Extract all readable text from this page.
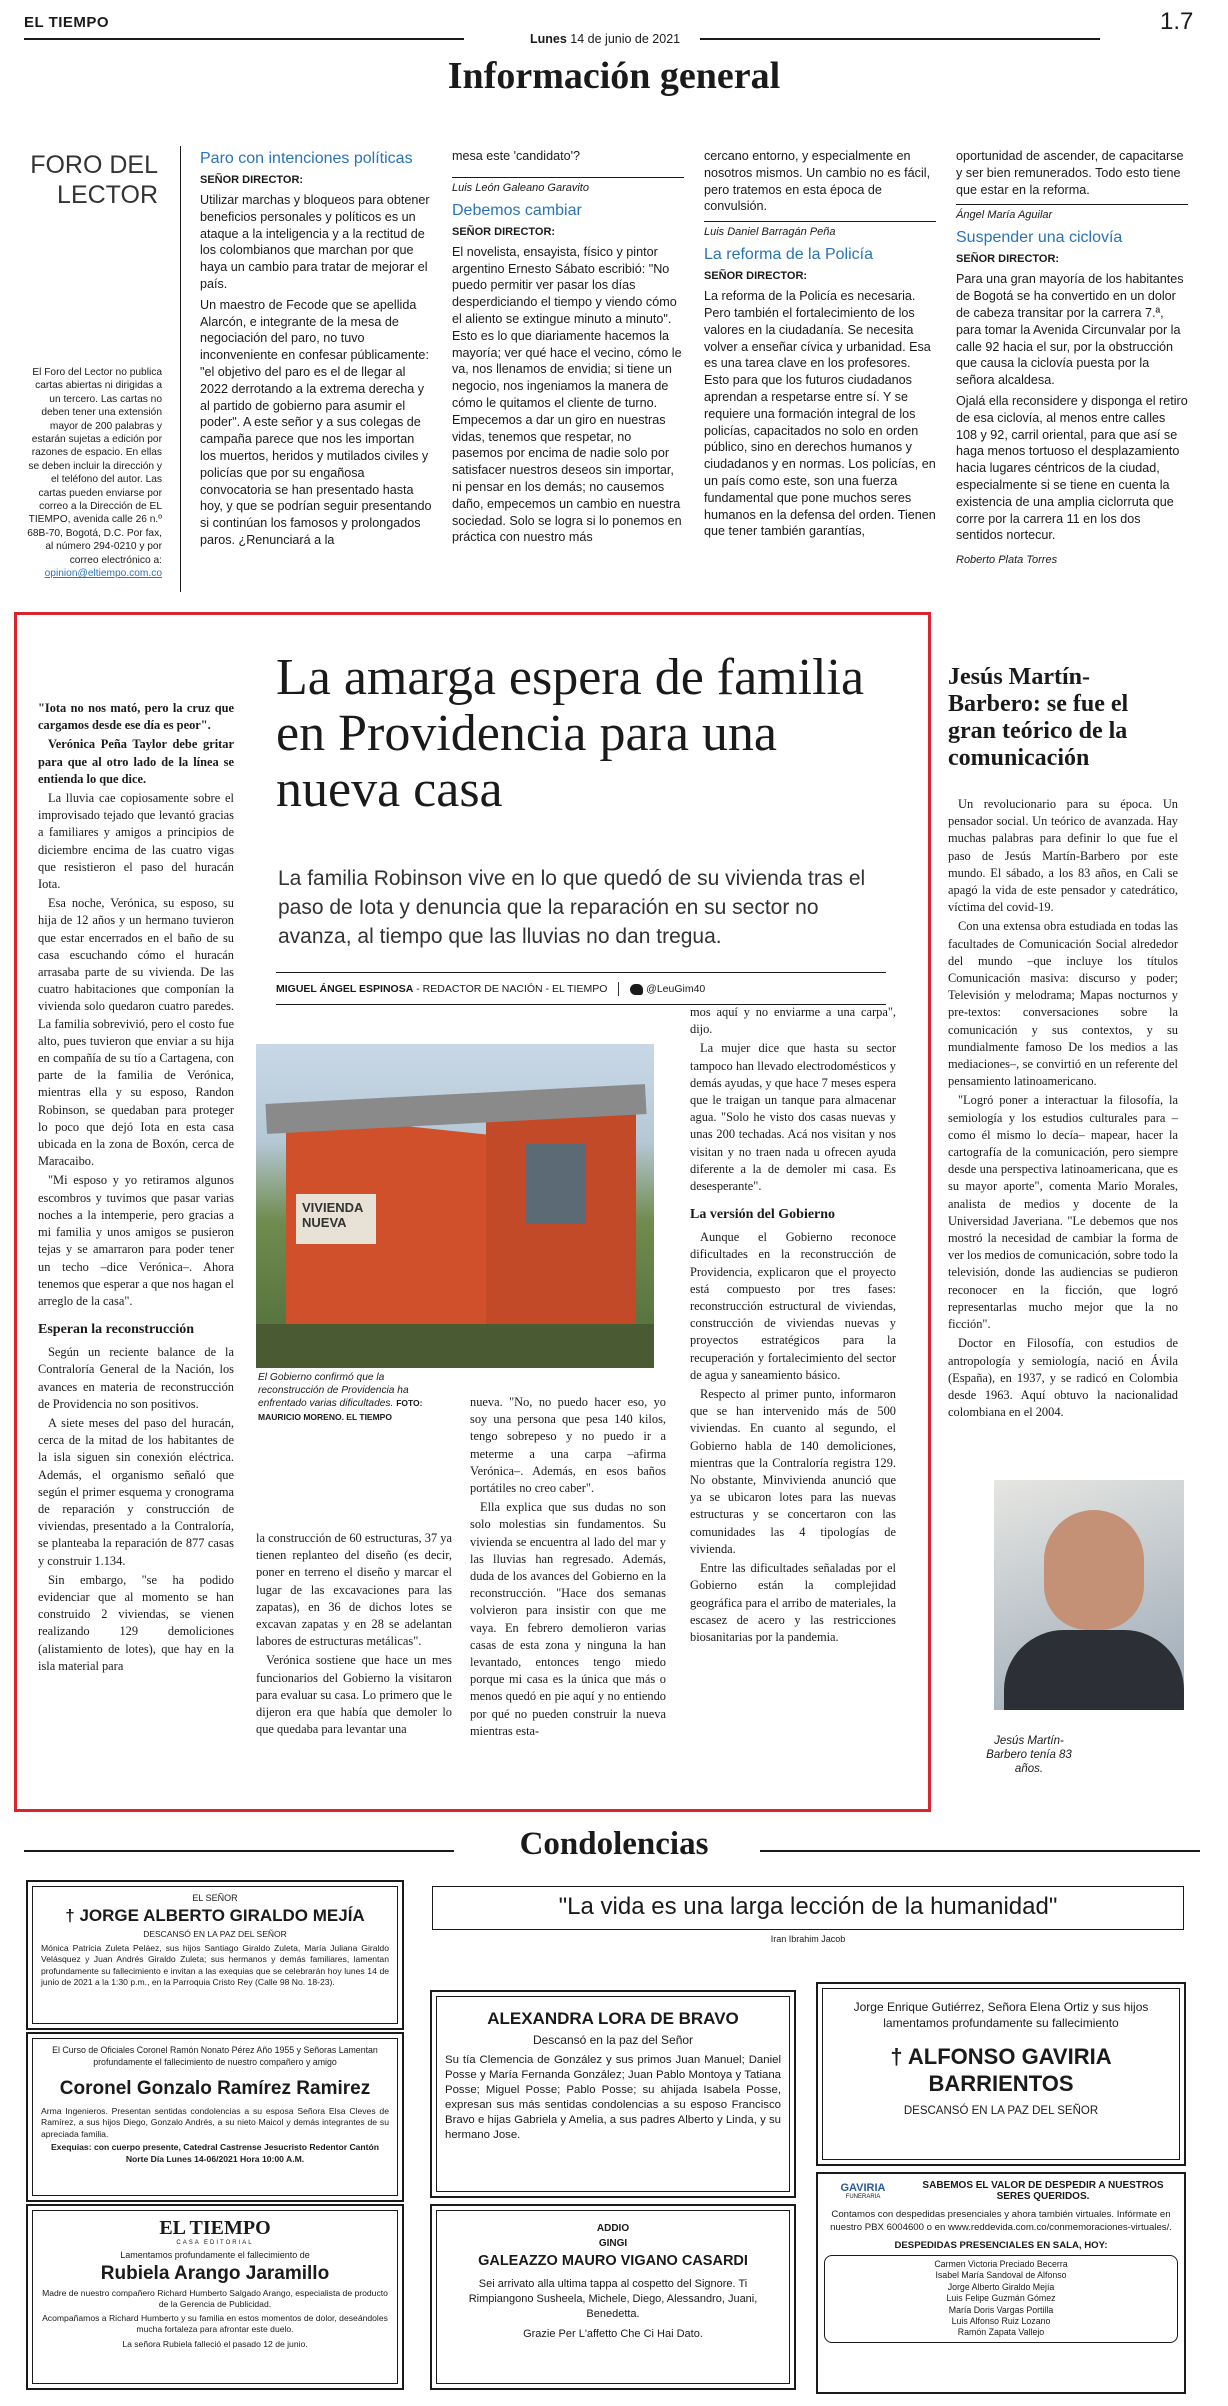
EL TIEMPO
Lunes 14 de junio de 2021
1.7
Información general
FORO DEL
LECTOR
El Foro del Lector no publica cartas abiertas ni dirigidas a un tercero. Las cartas no deben tener una extensión mayor de 200 palabras y estarán sujetas a edición por razones de espacio. En ellas se deben incluir la dirección y el teléfono del autor. Las cartas pueden enviarse por correo a la Dirección de EL TIEMPO, avenida calle 26 n.º 68B-70, Bogotá, D.C. Por fax, al número 294-0210 y por correo electrónico a: opinion@eltiempo.com.co
Paro con intenciones políticas
SEÑOR DIRECTOR:
Utilizar marchas y bloqueos para obtener beneficios personales y políticos es un ataque a la inteligencia y a la rectitud de los colombianos que marchan por que haya un cambio para tratar de mejorar el país.
Un maestro de Fecode que se apellida Alarcón, e integrante de la mesa de negociación del paro, no tuvo inconveniente en confesar públicamente: "el objetivo del paro es el de llegar al 2022 derrotando a la extrema derecha y al partido de gobierno para asumir el poder". A este señor y a sus colegas de campaña parece que nos les importan los muertos, heridos y mutilados civiles y policías que por su engañosa convocatoria se han presentado hasta hoy, y que se podrían seguir presentando si continúan los famosos y prolongados paros. ¿Renunciará a la
mesa este 'candidato'?
Luis León Galeano Garavito
Debemos cambiar
SEÑOR DIRECTOR:
El novelista, ensayista, físico y pintor argentino Ernesto Sábato escribió: "No puedo permitir ver pasar los días desperdiciando el tiempo y viendo cómo el aliento se extingue minuto a minuto". Esto es lo que diariamente hacemos la mayoría; ver qué hace el vecino, cómo le va, nos llenamos de envidia; si tiene un negocio, nos ingeniamos la manera de cómo le quitamos el cliente de turno. Empecemos a dar un giro en nuestras vidas, tenemos que respetar, no pasemos por encima de nadie solo por satisfacer nuestros deseos sin importar, ni pensar en los demás; no causemos daño, empecemos un cambio en nuestra sociedad. Solo se logra si lo ponemos en práctica con nuestro más
cercano entorno, y especialmente en nosotros mismos. Un cambio no es fácil, pero tratemos en esta época de convulsión.
Luis Daniel Barragán Peña
La reforma de la Policía
SEÑOR DIRECTOR:
La reforma de la Policía es necesaria. Pero también el fortalecimiento de los valores en la ciudadanía. Se necesita volver a enseñar cívica y urbanidad. Esa es una tarea clave en los profesores. Esto para que los futuros ciudadanos aprendan a respetarse entre sí. Y se requiere una formación integral de los policías, capacitados no solo en orden público, sino en derechos humanos y ciudadanos y en normas. Los policías, en un país como este, son una fuerza fundamental que pone muchos seres humanos en la defensa del orden. Tienen que tener también garantías,
oportunidad de ascender, de capacitarse y ser bien remunerados. Todo esto tiene que estar en la reforma.
Ángel María Aguilar
Suspender una ciclovía
SEÑOR DIRECTOR:
Para una gran mayoría de los habitantes de Bogotá se ha convertido en un dolor de cabeza transitar por la carrera 7.ª, para tomar la Avenida Circunvalar por la calle 92 hacia el sur, por la obstrucción que causa la ciclovía puesta por la señora alcaldesa.
Ojalá ella reconsidere y disponga el retiro de esa ciclovía, al menos entre calles 108 y 92, carril oriental, para que así se haga menos tortuoso el desplazamiento hacia lugares céntricos de la ciudad, especialmente si se tiene en cuenta la existencia de una amplia ciclorruta que corre por la carrera 11 en los dos sentidos norteсur.
Roberto Plata Torres
La amarga espera de familia en Providencia para una nueva casa
La familia Robinson vive en lo que quedó de su vivienda tras el paso de Iota y denuncia que la reparación en su sector no avanza, al tiempo que las lluvias no dan tregua.
MIGUEL ÁNGEL ESPINOSA - REDACTOR DE NACIÓN - EL TIEMPO	@LeuGim40

"Iota no nos mató, pero la cruz que cargamos desde ese día es peor".

Verónica Peña Taylor debe gritar para que al otro lado de la línea se entienda lo que dice.

La lluvia cae copiosamente sobre el improvisado tejado que levantó gracias a familiares y amigos a principios de diciembre encima de las cuatro vigas que resistieron el paso del huracán Iota.

Esa noche, Verónica, su esposo, su hija de 12 años y un hermano tuvieron que estar encerrados en el baño de su casa escuchando cómo el huracán arrasaba parte de su vivienda. De las cuatro habitaciones que componían la vivienda solo quedaron cuatro paredes. La familia sobrevivió, pero el costo fue alto, pues tuvieron que enviar a su hija en compañía de su tío a Cartagena, con parte de la familia de Verónica, mientras ella y su esposo, Randon Robinson, se quedaban para proteger lo poco que dejó Iota en esta casa ubicada en la zona de Boxón, cerca de Maracaibo.

"Mi esposo y yo retiramos algunos escombros y tuvimos que pasar varias noches a la intemperie, pero gracias a mi familia y unos amigos se pusieron tejas y se amarraron para poder tener un techo –dice Verónica–. Ahora tenemos que esperar a que nos hagan el arreglo de la casa".

Esperan la reconstrucción

Según un reciente balance de la Contraloría General de la Nación, los avances en materia de reconstrucción de Providencia no son positivos.

A siete meses del paso del huracán, cerca de la mitad de los habitantes de la isla siguen sin conexión eléctrica. Además, el organismo señaló que según el primer esquema y cronograma de reparación y construcción de viviendas, presentado a la Contraloría, se planteaba la reparación de 877 casas y construir 1.134.

Sin embargo, "se ha podido evidenciar que al momento se han construido 2 viviendas, se vienen realizando 129 demoliciones (alistamiento de lotes), que hay en la isla material para

VIVIENDA NUEVA
El Gobierno confirmó que la reconstrucción de Providencia ha enfrentado varias dificultades. FOTO: MAURICIO MORENO. EL TIEMPO

la construcción de 60 estructuras, 37 ya tienen replanteo del diseño (es decir, poner en terreno el diseño y marcar el lugar de las excavaciones para las zapatas), en 36 de dichos lotes se excavan zapatas y en 28 se adelantan labores de estructuras metálicas".

Verónica sostiene que hace un mes funcionarios del Gobierno la visitaron para evaluar su casa. Lo primero que le dijeron era que había que demoler lo que quedaba para levantar una

nueva. "No, no puedo hacer eso, yo soy una persona que pesa 140 kilos, tengo sobrepeso y no puedo ir a meterme a una carpa –afirma Verónica–. Además, en esos baños portátiles no creo caber".

Ella explica que sus dudas no son solo molestias sin fundamentos. Su vivienda se encuentra al lado del mar y las lluvias han regresado. Además, duda de los avances del Gobierno en la reconstrucción. "Hace dos semanas volvieron para insistir con que me vaya. En febrero demolieron varias casas de esta zona y ninguna la han levantado, entonces tengo miedo porque mi casa es la única que más o menos quedó en pie aquí y no entiendo por qué no pueden construir la nueva mientras esta-

mos aquí y no enviarme a una carpa", dijo.

La mujer dice que hasta su sector tampoco han llevado electrodomésticos y demás ayudas, y que hace 7 meses espera que le traigan un tanque para almacenar agua. "Solo he visto dos casas nuevas y unas 200 techadas. Acá nos visitan y nos visitan y no traen nada u ofrecen ayuda diferente a la de demoler mi casa. Es desesperante".

La versión del Gobierno

Aunque el Gobierno reconoce dificultades en la reconstrucción de Providencia, explicaron que el proyecto está compuesto por tres fases: reconstrucción estructural de viviendas, construcción de viviendas nuevas y proyectos estratégicos para la recuperación y fortalecimiento del sector de agua y saneamiento básico.

Respecto al primer punto, informaron que se han intervenido más de 500 viviendas. En cuanto al segundo, el Gobierno habla de 140 demoliciones, mientras que la Contraloría registra 129. No obstante, Minvivienda anunció que ya se ubicaron lotes para las nuevas estructuras y se concertaron con las comunidades las 4 tipologías de vivienda.

Entre las dificultades señaladas por el Gobierno están la complejidad geográfica para el arribo de materiales, la escasez de acero y las restricciones biosanitarias por la pandemia.

Jesús Martín-Barbero: se fue el gran teórico de la comunicación

Un revolucionario para su época. Un pensador social. Un teórico de avanzada. Hay muchas palabras para definir lo que fue el paso de Jesús Martín-Barbero por este mundo. El sábado, a los 83 años, en Cali se apagó la vida de este pensador y catedrático, víctima del covid-19.

Con una extensa obra estudiada en todas las facultades de Comunicación Social alrededor del mundo –que incluye los títulos Comunicación masiva: discurso y poder; Televisión y melodrama; Mapas nocturnos y pre-textos: conversaciones sobre la comunicación y sus contextos, y su mundialmente famoso De los medios a las mediaciones–, se convirtió en un referente del pensamiento latinoamericano.

"Logró poner a interactuar la filosofía, la semiología y los estudios culturales para –como él mismo lo decía– mapear, hacer la cartografía de la comunicación, pero siempre desde una perspectiva latinoamericana, que es su mayor aporte", comenta Mario Morales, analista de medios y docente de la Universidad Javeriana. "Le debemos que nos mostró la necesidad de cambiar la forma de ver los medios de comunicación, sobre todo la televisión, donde las audiencias se pudieron reconocer en la ficción, que logró representarlas mucho mejor que la no ficción".

Doctor en Filosofía, con estudios de antropología y semiología, nació en Ávila (España), en 1937, y se radicó en Colombia desde 1963. Aquí obtuvo la nacionalidad colombiana en el 2004.

Jesús Martín-Barbero tenía 83 años.
Condolencias
EL SEÑOR
† JORGE ALBERTO GIRALDO MEJÍA
DESCANSÓ EN LA PAZ DEL SEÑOR
Mónica Patricia Zuleta Peláez, sus hijos Santiago Giraldo Zuleta, María Juliana Giraldo Velásquez y Juan Andrés Giraldo Zuleta; sus hermanos y demás familiares, lamentan profundamente su fallecimiento e invitan a las exequias que se celebrarán hoy lunes 14 de junio de 2021 a la 1:30 p.m., en la Parroquia Cristo Rey (Calle 98 No. 18-23).
El Curso de Oficiales Coronel Ramón Nonato Pérez Año 1955 y Señoras Lamentan profundamente el fallecimiento de nuestro compañero y amigo
Coronel Gonzalo Ramírez Ramirez
Arma Ingenieros. Presentan sentidas condolencias a su esposa Señora Elsa Cleves de Ramírez, a sus hijos Diego, Gonzalo Andrés, a su nieto Maicol y demás integrantes de su apreciada familia.
Exequias: con cuerpo presente, Catedral Castrense Jesucristo Redentor Cantón Norte Día Lunes 14-06/2021 Hora 10:00 A.M.
EL TIEMPO
CASA EDITORIAL
Lamentamos profundamente el fallecimiento de
Rubiela Arango Jaramillo
Madre de nuestro compañero Richard Humberto Salgado Arango, especialista de producto de la Gerencia de Publicidad.
Acompañamos a Richard Humberto y su familia en estos momentos de dolor, deseándoles mucha fortaleza para afrontar este duelo.
La señora Rubiela falleció el pasado 12 de junio.
"La vida es una larga lección de la humanidad"
Iran Ibrahim Jacob
ALEXANDRA LORA DE BRAVO
Descansó en la paz del Señor
Su tía Clemencia de González y sus primos Juan Manuel; Daniel Posse y María Fernanda González; Juan Pablo Montoya y Tatiana Posse; Miguel Posse; Pablo Posse; su ahijada Isabela Posse, expresan sus más sentidas condolencias a su esposo Francisco Bravo e hijas Gabriela y Amelia, a sus padres Alberto y Linda, y su hermano Jose.
ADDIO
GINGI
GALEAZZO MAURO VIGANO CASARDI
Sei arrivato alla ultima tappa al cospetto del Signore. Ti Rimpiangono Susheela, Michele, Diego, Alessandro, Juani, Benedetta.
Grazie Per L'affetto Che Ci Hai Dato.
Jorge Enrique Gutiérrez, Señora Elena Ortiz y sus hijos lamentamos profundamente su fallecimiento
† ALFONSO GAVIRIA BARRIENTOS
DESCANSÓ EN LA PAZ DEL SEÑOR
GAVIRIA
FUNERARIA
SABEMOS EL VALOR DE DESPEDIR A NUESTROS SERES QUERIDOS.
Contamos con despedidas presenciales y ahora también virtuales. Infórmate en nuestro PBX 6004600 o en www.reddevida.com.co/conmemoraciones-virtuales/.
DESPEDIDAS PRESENCIALES EN SALA, HOY:
Carmen Victoria Preciado Becerra
Isabel María Sandoval de Alfonso
Jorge Alberto Giraldo Mejía
Luis Felipe Guzmán Gómez
María Doris Vargas Portilla
Luis Alfonso Ruiz Lozano
Ramón Zapata Vallejo
